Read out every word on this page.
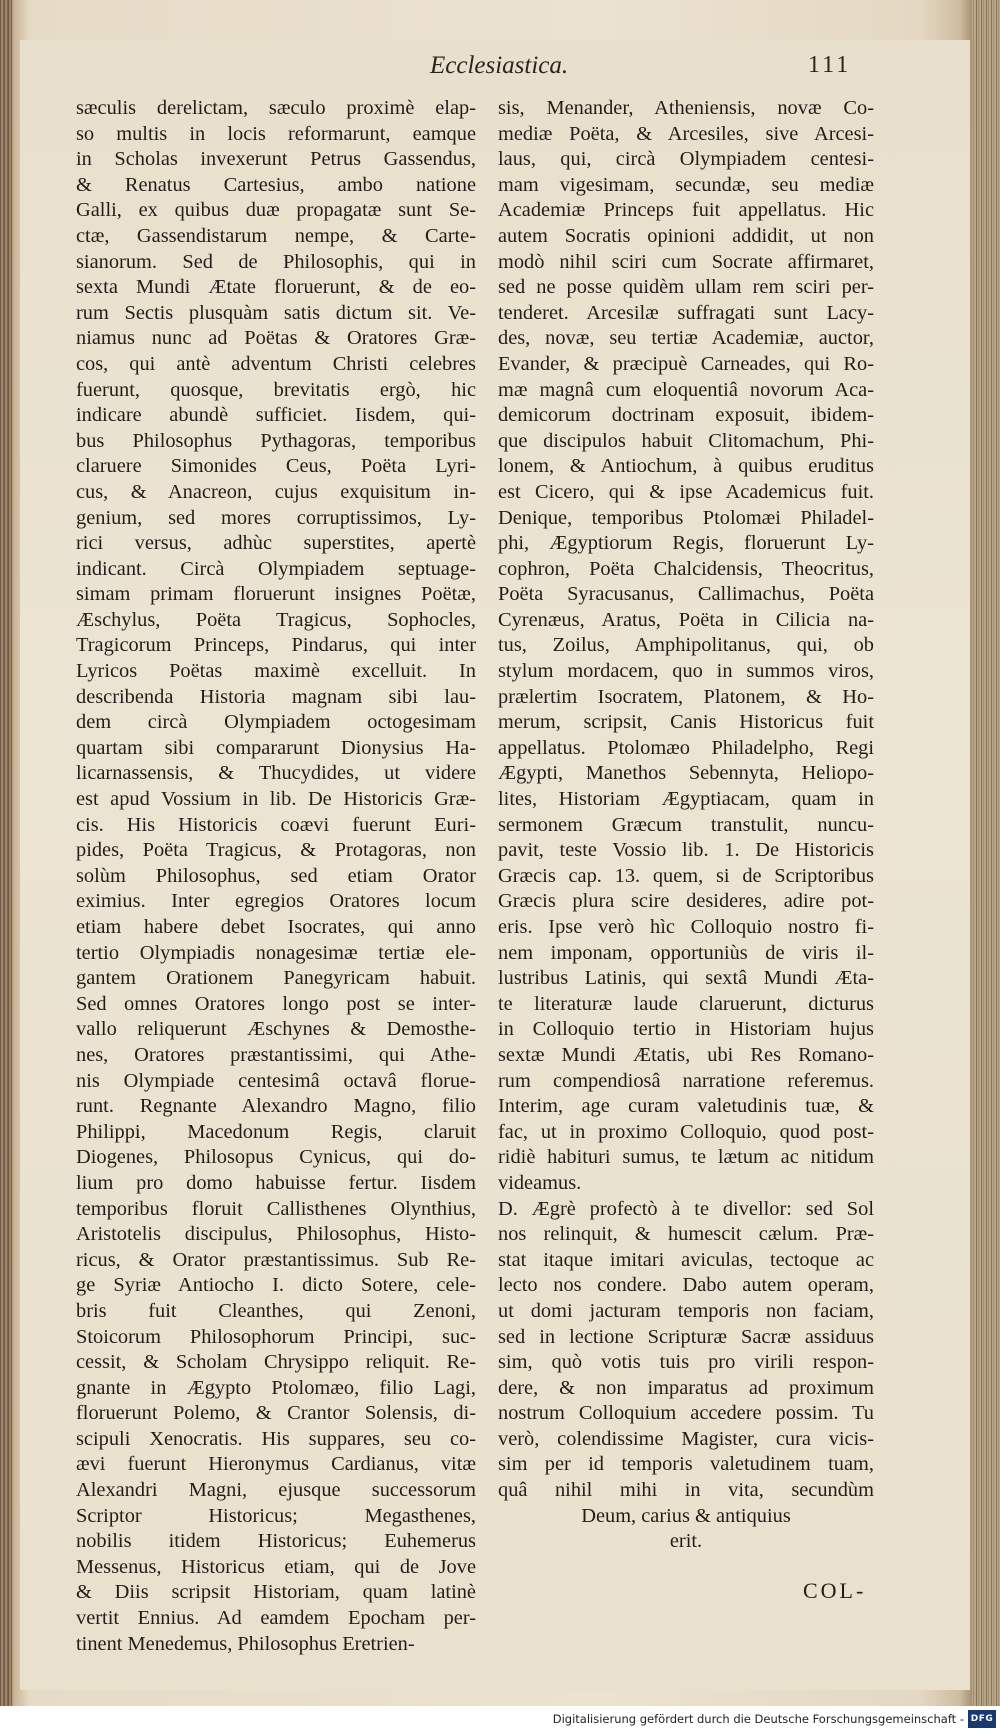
Ecclesiastica.	111
sæculis derelictam, sæculo proximè elap-
so multis in locis reformarunt, eamque
in Scholas invexerunt Petrus Gassendus,
& Renatus Cartesius, ambo natione
Galli, ex quibus duæ propagatæ sunt Se-
ctæ, Gassendistarum nempe, & Carte-
sianorum. Sed de Philosophis, qui in
sexta Mundi Ætate floruerunt, & de eo-
rum Sectis plusquàm satis dictum sit. Ve-
niamus nunc ad Poëtas & Oratores Græ-
cos, qui antè adventum Christi celebres
fuerunt, quosque, brevitatis ergò, hic
indicare abundè sufficiet. Iisdem, qui-
bus Philosophus Pythagoras, temporibus
claruere Simonides Ceus, Poëta Lyri-
cus, & Anacreon, cujus exquisitum in-
genium, sed mores corruptissimos, Ly-
rici versus, adhùc superstites, apertè
indicant. Circà Olympiadem septuage-
simam primam floruerunt insignes Poëtæ,
Æschylus, Poëta Tragicus, Sophocles,
Tragicorum Princeps, Pindarus, qui inter
Lyricos Poëtas maximè excelluit. In
describenda Historia magnam sibi lau-
dem circà Olympiadem octogesimam
quartam sibi compararunt Dionysius Ha-
licarnassensis, & Thucydides, ut videre
est apud Vossium in lib. De Historicis Græ-
cis. His Historicis coævi fuerunt Euri-
pides, Poëta Tragicus, & Protagoras, non
solùm Philosophus, sed etiam Orator
eximius. Inter egregios Oratores locum
etiam habere debet Isocrates, qui anno
tertio Olympiadis nonagesimæ tertiæ ele-
gantem Orationem Panegyricam habuit.
Sed omnes Oratores longo post se inter-
vallo reliquerunt Æschynes & Demosthe-
nes, Oratores præstantissimi, qui Athe-
nis Olympiade centesimâ octavâ florue-
runt. Regnante Alexandro Magno, filio
Philippi, Macedonum Regis, claruit
Diogenes, Philosopus Cynicus, qui do-
lium pro domo habuisse fertur. Iisdem
temporibus floruit Callisthenes Olynthius,
Aristotelis discipulus, Philosophus, Histo-
ricus, & Orator præstantissimus. Sub Re-
ge Syriæ Antiocho I. dicto Sotere, cele-
bris fuit Cleanthes, qui Zenoni,
Stoicorum Philosophorum Principi, suc-
cessit, & Scholam Chrysippo reliquit. Re-
gnante in Ægypto Ptolomæo, filio Lagi,
floruerunt Polemo, & Crantor Solensis, di-
scipuli Xenocratis. His suppares, seu co-
ævi fuerunt Hieronymus Cardianus, vitæ
Alexandri Magni, ejusque successorum
Scriptor Historicus; Megasthenes,
nobilis itidem Historicus; Euhemerus
Messenus, Historicus etiam, qui de Jove
& Diis scripsit Historiam, quam latinè
vertit Ennius. Ad eamdem Epocham per-
tinent Menedemus, Philosophus Eretrien-
sis, Menander, Atheniensis, novæ Co-
mediæ Poëta, & Arcesiles, sive Arcesi-
laus, qui, circà Olympiadem centesi-
mam vigesimam, secundæ, seu mediæ
Academiæ Princeps fuit appellatus. Hic
autem Socratis opinioni addidit, ut non
modò nihil sciri cum Socrate affirmaret,
sed ne posse quidèm ullam rem sciri per-
tenderet. Arcesilæ suffragati sunt Lacy-
des, novæ, seu tertiæ Academiæ, auctor,
Evander, & præcipuè Carneades, qui Ro-
mæ magnâ cum eloquentiâ novorum Aca-
demicorum doctrinam exposuit, ibidem-
que discipulos habuit Clitomachum, Phi-
lonem, & Antiochum, à quibus eruditus
est Cicero, qui & ipse Academicus fuit.
Denique, temporibus Ptolomæi Philadel-
phi, Ægyptiorum Regis, floruerunt Ly-
cophron, Poëta Chalcidensis, Theocritus,
Poëta Syracusanus, Callimachus, Poëta
Cyrenæus, Aratus, Poëta in Cilicia na-
tus, Zoilus, Amphipolitanus, qui, ob
stylum mordacem, quo in summos viros,
prælertim Isocratem, Platonem, & Ho-
merum, scripsit, Canis Historicus fuit
appellatus. Ptolomæo Philadelpho, Regi
Ægypti, Manethos Sebennyta, Heliopo-
lites, Historiam Ægyptiacam, quam in
sermonem Græcum transtulit, nuncu-
pavit, teste Vossio lib. 1. De Historicis
Græcis cap. 13. quem, si de Scriptoribus
Græcis plura scire desideres, adire pot-
eris. Ipse verò hìc Colloquio nostro fi-
nem imponam, opportuniùs de viris il-
lustribus Latinis, qui sextâ Mundi Æta-
te literaturæ laude claruerunt, dicturus
in Colloquio tertio in Historiam hujus
sextæ Mundi Ætatis, ubi Res Romano-
rum compendiosâ narratione referemus.
Interim, age curam valetudinis tuæ, &
fac, ut in proximo Colloquio, quod post-
ridiè habituri sumus, te lætum ac nitidum
videamus.
D. Ægrè profectò à te divellor: sed Sol
nos relinquit, & humescit cælum. Præ-
stat itaque imitari aviculas, tectoque ac
lecto nos condere. Dabo autem operam,
ut domi jacturam temporis non faciam,
sed in lectione Scripturæ Sacræ assiduus
sim, quò votis tuis pro virili respon-
dere, & non imparatus ad proximum
nostrum Colloquium accedere possim. Tu
verò, colendissime Magister, cura vicis-
sim per id temporis valetudinem tuam,
quâ nihil mihi in vita, secundùm
Deum, carius & antiquius
erit.
COL-
Digitalisierung gefördert durch die Deutsche Forschungsgemeinschaft - DFG
